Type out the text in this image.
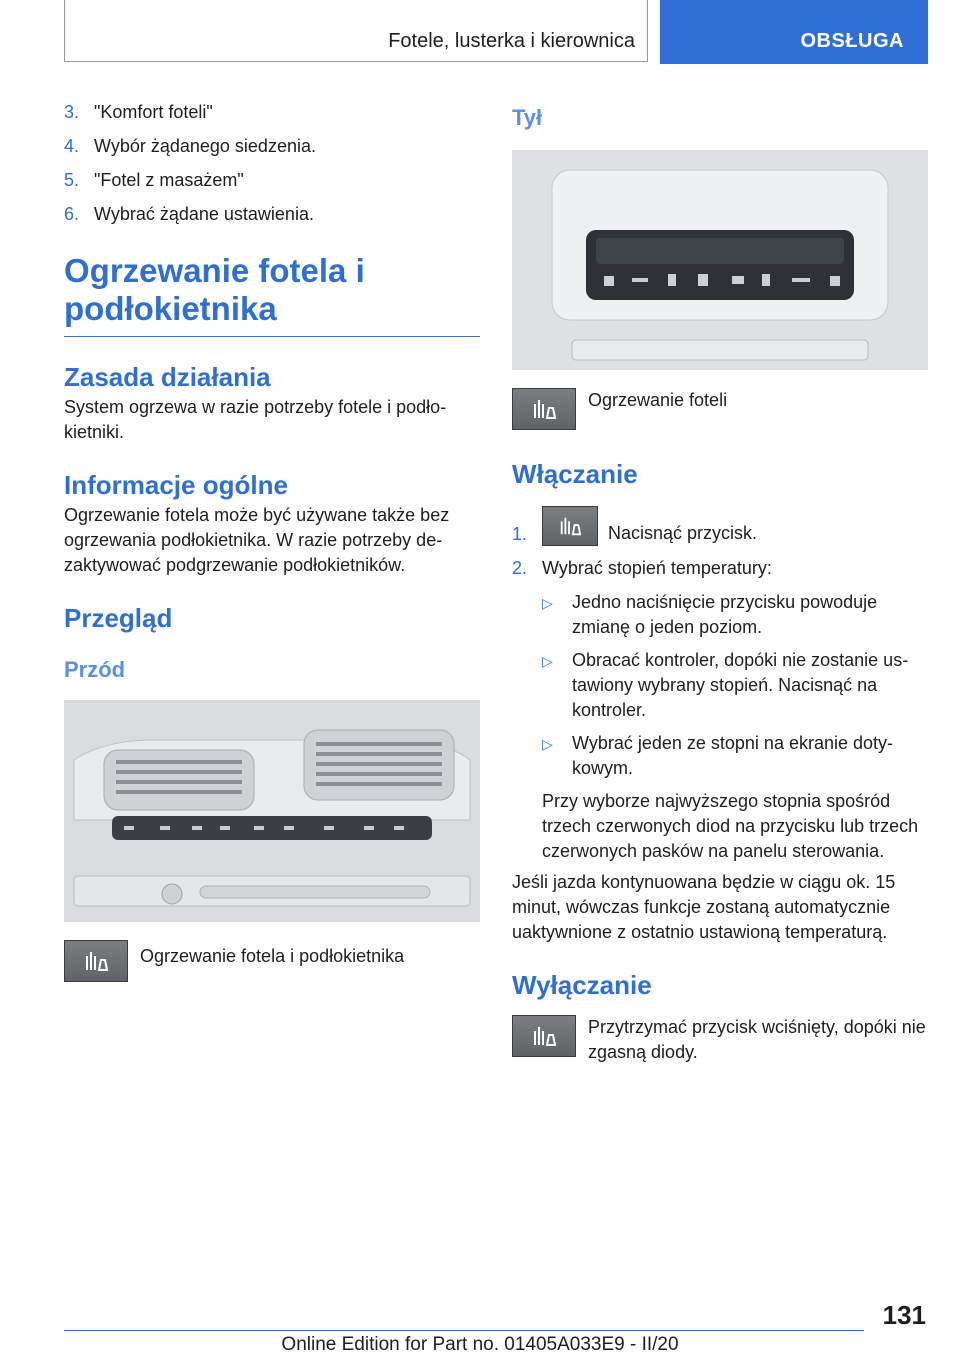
Fotele, lusterka i kierownica	OBSŁUGA
3. "Komfort foteli"
4. Wybór żądanego siedzenia.
5. "Fotel z masażem"
6. Wybrać żądane ustawienia.
Ogrzewanie fotela i podłokietnika
Zasada działania

System ogrzewa w razie potrzeby fotele i podłokietniki.

Informacje ogólne

Ogrzewanie fotela może być używane także bez ogrzewania podłokietnika. W razie potrzeby dezaktywować podgrzewanie podłokietników.

Przegląd
Przód

Ogrzewanie fotela i podłokietnika

Tył

Ogrzewanie foteli

Włączanie
1.	Nacisnąć przycisk.
2. Wybrać stopień temperatury:
▷ Jedno naciśnięcie przycisku powoduje zmianę o jeden poziom.
▷ Obracać kontroler, dopóki nie zostanie ustawiony wybrany stopień. Nacisnąć na kontroler.
▷ Wybrać jeden ze stopni na ekranie dotykowym.

Przy wyborze najwyższego stopnia spośród trzech czerwonych diod na przycisku lub trzech czerwonych pasków na panelu sterowania.

Jeśli jazda kontynuowana będzie w ciągu ok. 15 minut, wówczas funkcje zostaną automatycznie uaktywnione z ostatnio ustawioną temperaturą.

Wyłączanie

Przytrzymać przycisk wciśnięty, dopóki nie zgasną diody.

131
Online Edition for Part no. 01405A033E9 - II/20
